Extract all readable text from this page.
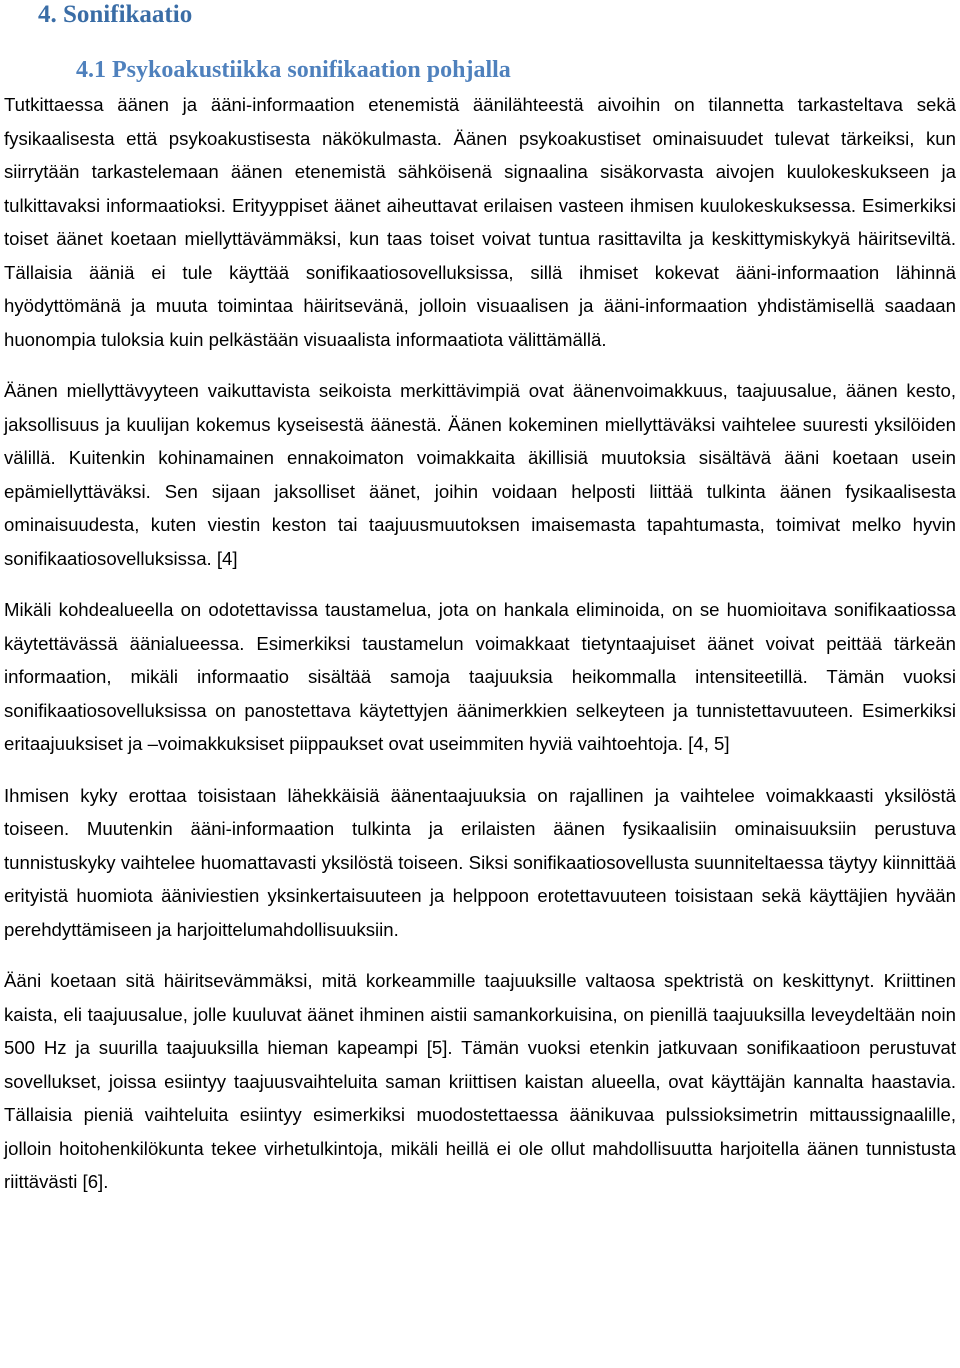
4. Sonifikaatio
4.1 Psykoakustiikka sonifikaation pohjalla

Tutkittaessa äänen ja ääni-informaation etenemistä äänilähteestä aivoihin on tilannetta tarkasteltava sekä fysikaalisesta että psykoakustisesta näkökulmasta. Äänen psykoakustiset ominaisuudet tulevat tärkeiksi, kun siirrytään tarkastelemaan äänen etenemistä sähköisenä signaalina sisäkorvasta aivojen kuulokeskukseen ja tulkittavaksi informaatioksi. Erityyppiset äänet aiheuttavat erilaisen vasteen ihmisen kuulokeskuksessa. Esimerkiksi toiset äänet koetaan miellyttävämmäksi, kun taas toiset voivat tuntua rasittavilta ja keskittymiskykyä häiritseviltä. Tällaisia ääniä ei tule käyttää sonifikaatiosovelluksissa, sillä ihmiset kokevat ääni-informaation lähinnä hyödyttömänä ja muuta toimintaa häiritsevänä, jolloin visuaalisen ja ääni-informaation yhdistämisellä saadaan huonompia tuloksia kuin pelkästään visuaalista informaatiota välittämällä.

Äänen miellyttävyyteen vaikuttavista seikoista merkittävimpiä ovat äänenvoimakkuus, taajuusalue, äänen kesto, jaksollisuus ja kuulijan kokemus kyseisestä äänestä. Äänen kokeminen miellyttäväksi vaihtelee suuresti yksilöiden välillä. Kuitenkin kohinamainen ennakoimaton voimakkaita äkillisiä muutoksia sisältävä ääni koetaan usein epämiellyttäväksi. Sen sijaan jaksolliset äänet, joihin voidaan helposti liittää tulkinta äänen fysikaalisesta ominaisuudesta, kuten viestin keston tai taajuusmuutoksen imaisemasta tapahtumasta, toimivat melko hyvin sonifikaatiosovelluksissa. [4]

Mikäli kohdealueella on odotettavissa taustamelua, jota on hankala eliminoida, on se huomioitava sonifikaatiossa käytettävässä äänialueessa. Esimerkiksi taustamelun voimakkaat tietyntaajuiset äänet voivat peittää tärkeän informaation, mikäli informaatio sisältää samoja taajuuksia heikommalla intensiteetillä. Tämän vuoksi sonifikaatiosovelluksissa on panostettava käytettyjen äänimerkkien selkeyteen ja tunnistettavuuteen. Esimerkiksi eritaajuuksiset ja –voimakkuksiset piippaukset ovat useimmiten hyviä vaihtoehtoja. [4, 5]

Ihmisen kyky erottaa toisistaan lähekkäisiä äänentaajuuksia on rajallinen ja vaihtelee voimakkaasti yksilöstä toiseen. Muutenkin ääni-informaation tulkinta ja erilaisten äänen fysikaalisiin ominaisuuksiin perustuva tunnistuskyky vaihtelee huomattavasti yksilöstä toiseen. Siksi sonifikaatiosovellusta suunniteltaessa täytyy kiinnittää erityistä huomiota ääniviestien yksinkertaisuuteen ja helppoon erotettavuuteen toisistaan sekä käyttäjien hyvään perehdyttämiseen ja harjoittelumahdollisuuksiin.

Ääni koetaan sitä häiritsevämmäksi, mitä korkeammille taajuuksille valtaosa spektristä on keskittynyt. Kriittinen kaista, eli taajuusalue, jolle kuuluvat äänet ihminen aistii samankorkuisina, on pienillä taajuuksilla leveydeltään noin 500 Hz ja suurilla taajuuksilla hieman kapeampi [5]. Tämän vuoksi etenkin jatkuvaan sonifikaatioon perustuvat sovellukset, joissa esiintyy taajuusvaihteluita saman kriittisen kaistan alueella, ovat käyttäjän kannalta haastavia. Tällaisia pieniä vaihteluita esiintyy esimerkiksi muodostettaessa äänikuvaa pulssioksimetrin mittaussignaalille, jolloin hoitohenkilökunta tekee virhetulkintoja, mikäli heillä ei ole ollut mahdollisuutta harjoitella äänen tunnistusta riittävästi [6].
